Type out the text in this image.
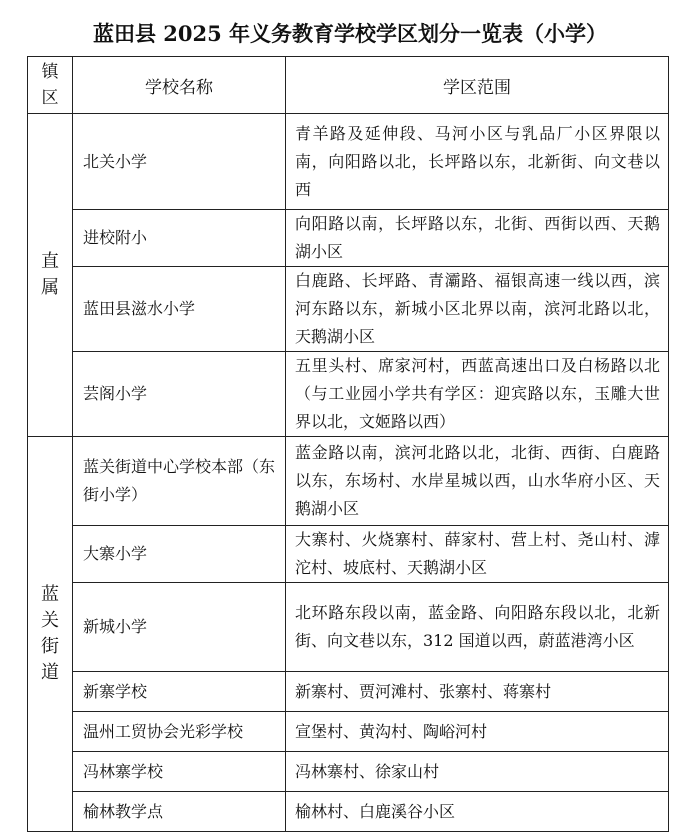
蓝田县 2025 年义务教育学校学区划分一览表（小学）
镇
区	学校名称	学区范围

直
属	北关小学	青羊路及延伸段、马河小区与乳品厂小区界限以南，向阳路以北，长坪路以东，北新街、向文巷以西
	进校附小	向阳路以南，长坪路以东，北街、西街以西、天鹅湖小区
	蓝田县滋水小学	白鹿路、长坪路、青灞路、福银高速一线以西，滨河东路以东，新城小区北界以南，滨河北路以北，天鹅湖小区
	芸阁小学	五里头村、席家河村，西蓝高速出口及白杨路以北（与工业园小学共有学区：迎宾路以东，玉雕大世界以北，文姬路以西）

蓝
关
街
道	蓝关街道中心学校本部（东街小学）	蓝金路以南，滨河北路以北，北街、西街、白鹿路以东，东场村、水岸星城以西，山水华府小区、天鹅湖小区
	大寨小学	大寨村、火烧寨村、薛家村、营上村、尧山村、滹沱村、坡底村、天鹅湖小区
	新城小学	北环路东段以南，蓝金路、向阳路东段以北，北新街、向文巷以东，312 国道以西，蔚蓝港湾小区
	新寨学校	新寨村、贾河滩村、张寨村、蒋寨村
	温州工贸协会光彩学校	宣堡村、黄沟村、陶峪河村
	冯林寨学校	冯林寨村、徐家山村
	榆林教学点	榆林村、白鹿溪谷小区
